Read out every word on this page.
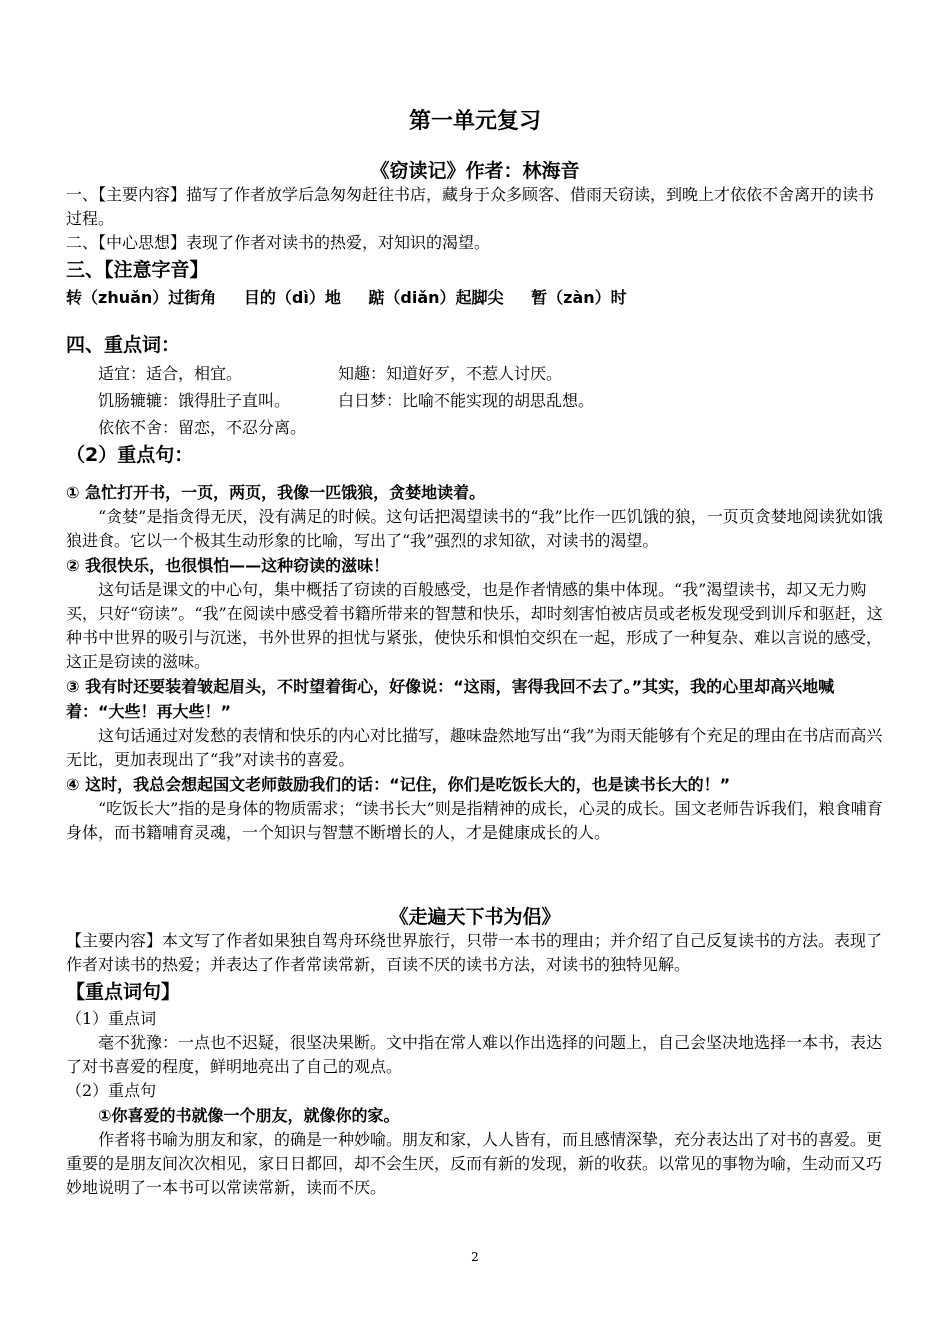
第一单元复习
《窃读记》作者：林海音

一、【主要内容】描写了作者放学后急匆匆赶往书店，藏身于众多顾客、借雨天窃读，到晚上才依依不舍离开的读书过程。

二、【中心思想】表现了作者对读书的热爱，对知识的渴望。

三、【注意字音】
转（zhuǎn）过街角 目的（dì）地 踮（diǎn）起脚尖 暂（zàn）时
四、重点词：
适宜：适合，相宜。	知趣：知道好歹，不惹人讨厌。
饥肠辘辘：饿得肚子直叫。	白日梦：比喻不能实现的胡思乱想。
依依不舍：留恋，不忍分离。
（2）重点句：
① 急忙打开书，一页，两页，我像一匹饿狼，贪婪地读着。

“贪婪”是指贪得无厌，没有满足的时候。这句话把渴望读书的“我”比作一匹饥饿的狼，一页页贪婪地阅读犹如饿狼进食。它以一个极其生动形象的比喻，写出了“我”强烈的求知欲，对读书的渴望。

② 我很快乐，也很惧怕——这种窃读的滋味！

这句话是课文的中心句，集中概括了窃读的百般感受，也是作者情感的集中体现。“我”渴望读书，却又无力购买，只好“窃读”。“我”在阅读中感受着书籍所带来的智慧和快乐，却时刻害怕被店员或老板发现受到训斥和驱赶，这种书中世界的吸引与沉迷，书外世界的担忧与紧张，使快乐和惧怕交织在一起，形成了一种复杂、难以言说的感受，这正是窃读的滋味。

③ 我有时还要装着皱起眉头，不时望着街心，好像说：“这雨，害得我回不去了。”其实，我的心里却高兴地喊着：“大些！再大些！”

这句话通过对发愁的表情和快乐的内心对比描写，趣味盎然地写出“我”为雨天能够有个充足的理由在书店而高兴无比，更加表现出了“我”对读书的喜爱。

④ 这时，我总会想起国文老师鼓励我们的话：“记住，你们是吃饭长大的，也是读书长大的！”

“吃饭长大”指的是身体的物质需求；“读书长大”则是指精神的成长，心灵的成长。国文老师告诉我们，粮食哺育身体，而书籍哺育灵魂，一个知识与智慧不断增长的人，才是健康成长的人。

《走遍天下书为侣》

【主要内容】本文写了作者如果独自驾舟环绕世界旅行，只带一本书的理由；并介绍了自己反复读书的方法。表现了作者对读书的热爱；并表达了作者常读常新，百读不厌的读书方法，对读书的独特见解。

【重点词句】

（1）重点词

毫不犹豫：一点也不迟疑，很坚决果断。文中指在常人难以作出选择的问题上，自己会坚决地选择一本书，表达了对书喜爱的程度，鲜明地亮出了自己的观点。

（2）重点句

①你喜爱的书就像一个朋友，就像你的家。

作者将书喻为朋友和家，的确是一种妙喻。朋友和家，人人皆有，而且感情深挚，充分表达出了对书的喜爱。更重要的是朋友间次次相见，家日日都回，却不会生厌，反而有新的发现，新的收获。以常见的事物为喻，生动而又巧妙地说明了一本书可以常读常新，读而不厌。

2
